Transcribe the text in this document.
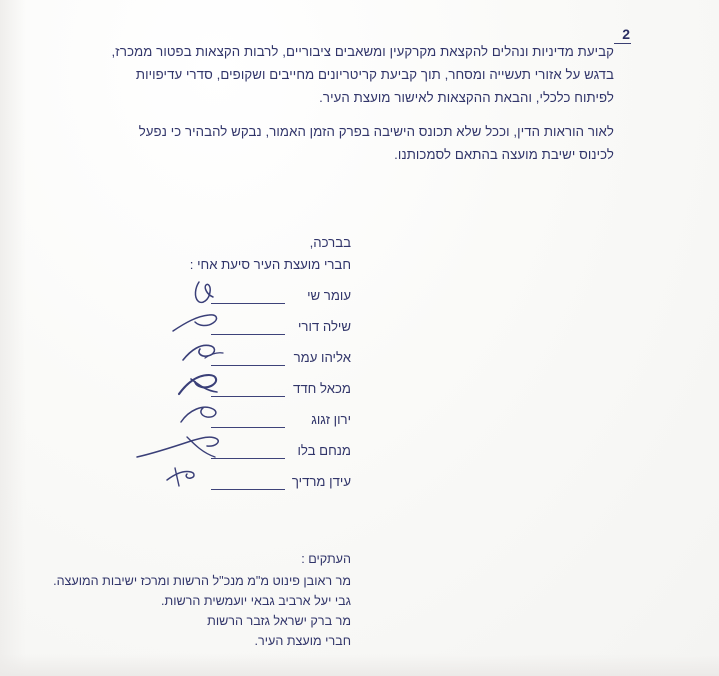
2

קביעת מדיניות ונהלים להקצאת מקרקעין ומשאבים ציבוריים, לרבות הקצאות בפטור ממכרז, בדגש על אזורי תעשייה ומסחר, תוך קביעת קריטריונים מחייבים ושקופים, סדרי עדיפויות לפיתוח כלכלי, והבאת ההקצאות לאישור מועצת העיר.

לאור הוראות הדין, וככל שלא תכונס הישיבה בפרק הזמן האמור, נבקש להבהיר כי נפעל לכינוס ישיבת מועצה בהתאם לסמכותנו.

בברכה,
חברי מועצת העיר סיעת אחי :
עומר שי
שילה דורי
אליהו עמר
מכאל חדד
ירון זגוג
מנחם בלו
עידן מרדיך
העתקים :
מר ראובן פינוט מ"מ מנכ"ל הרשות ומרכז ישיבות המועצה.
גבי יעל ארביב גבאי יועמשית הרשות.
מר ברק ישראל גזבר הרשות
חברי מועצת העיר.
